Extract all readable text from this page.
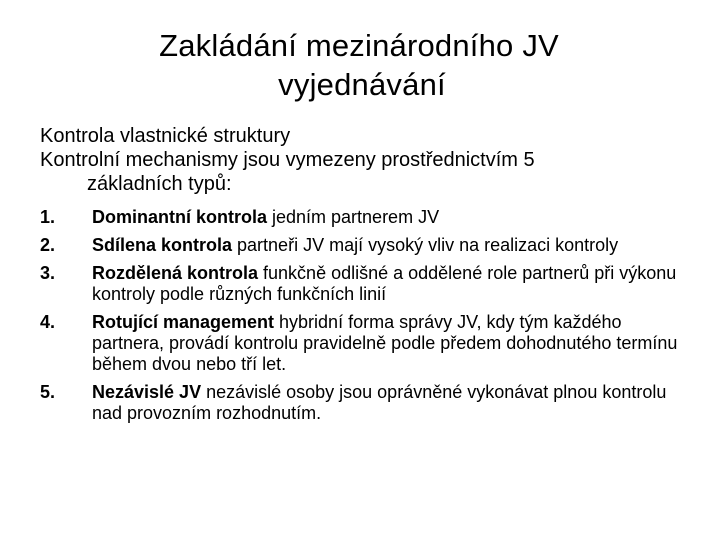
Zakládání mezinárodního JV
vyjednávání
Kontrola vlastnické struktury
Kontrolní mechanismy jsou vymezeny prostřednictvím 5
základních typů:
1.	Dominantní kontrola jedním partnerem JV
2.	Sdílena kontrola partneři JV mají vysoký vliv na realizaci kontroly
3.	Rozdělená kontrola funkčně odlišné a oddělené role partnerů při výkonu kontroly podle různých funkčních linií
4.	Rotující management hybridní forma správy JV, kdy tým každého partnera, provádí kontrolu pravidelně podle předem dohodnutého termínu během dvou nebo tří let.
5.	Nezávislé JV nezávislé osoby jsou oprávněné vykonávat plnou kontrolu nad provozním rozhodnutím.
